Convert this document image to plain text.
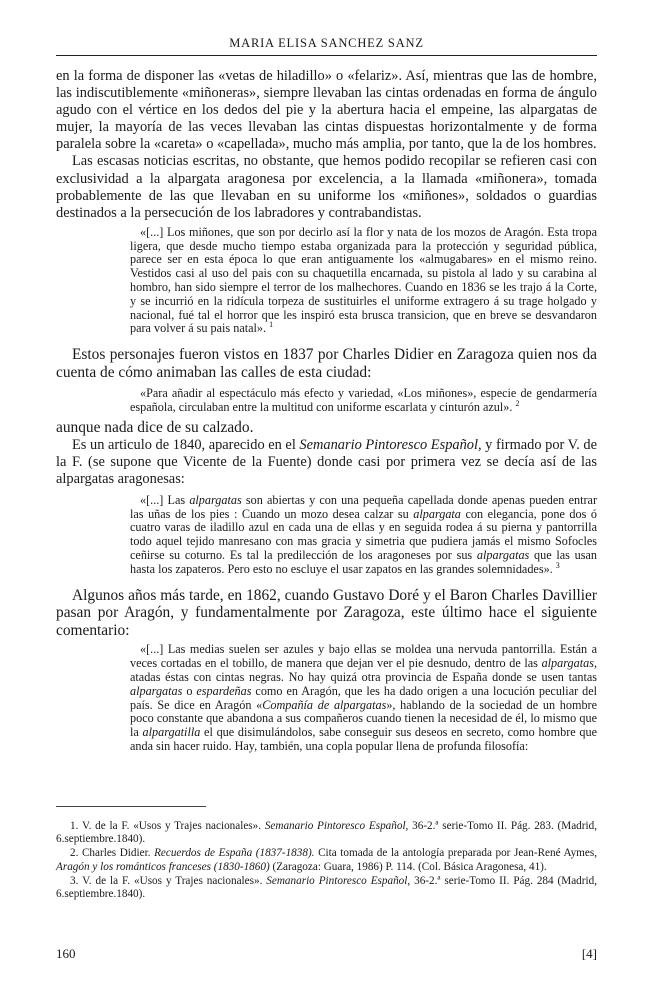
MARIA ELISA SANCHEZ SANZ

en la forma de disponer las «vetas de hiladillo» o «felariz». Así, mientras que las de hombre, las indiscutiblemente «miñoneras», siempre llevaban las cintas ordenadas en forma de ángulo agudo con el vértice en los dedos del pie y la abertura hacia el empeine, las alpargatas de mujer, la mayoría de las veces llevaban las cintas dispuestas horizontalmente y de forma paralela sobre la «careta» o «capellada», mucho más amplia, por tanto, que la de los hombres.

Las escasas noticias escritas, no obstante, que hemos podido recopilar se refieren casi con exclusividad a la alpargata aragonesa por excelencia, a la llamada «miñonera», tomada probablemente de las que llevaban en su uniforme los «miñones», soldados o guardias destinados a la persecución de los labradores y contrabandistas.

«[...] Los miñones, que son por decirlo así la flor y nata de los mozos de Aragón. Esta tropa ligera, que desde mucho tiempo estaba organizada para la protección y seguridad pública, parece ser en esta época lo que eran antiguamente los «almugabares» en el mismo reino. Vestidos casi al uso del pais con su chaquetilla encarnada, su pistola al lado y su carabina al hombro, han sido siempre el terror de los malhechores. Cuando en 1836 se les trajo á la Corte, y se incurrió en la ridícula torpeza de sustituirles el uniforme extragero á su trage holgado y nacional, fué tal el horror que les inspiró esta brusca transicion, que en breve se desvandaron para volver á su pais natal». $^1$

Estos personajes fueron vistos en 1837 por Charles Didier en Zaragoza quien nos da cuenta de cómo animaban las calles de esta ciudad:

«Para añadir al espectáculo más efecto y variedad, «Los miñones», especie de gendarmería española, circulaban entre la multitud con uniforme escarlata y cinturón azul». $^2$

aunque nada dice de su calzado.

Es un articulo de 1840, aparecido en el Semanario Pintoresco Español, y firmado por V. de la F. (se supone que Vicente de la Fuente) donde casi por primera vez se decía así de las alpargatas aragonesas:

«[...] Las alpargatas son abiertas y con una pequeña capellada donde apenas pueden entrar las uñas de los pies : Cuando un mozo desea calzar su alpargata con elegancia, pone dos ó cuatro varas de iladillo azul en cada una de ellas y en seguida rodea á su pierna y pantorrilla todo aquel tejido manresano con mas gracia y simetria que pudiera jamás el mismo Sofocles ceñirse su coturno. Es tal la predilección de los aragoneses por sus alpargatas que las usan hasta los zapateros. Pero esto no escluye el usar zapatos en las grandes solemnidades». $^3$

Algunos años más tarde, en 1862, cuando Gustavo Doré y el Baron Charles Davillier pasan por Aragón, y fundamentalmente por Zaragoza, este último hace el siguiente comentario:

«[...] Las medias suelen ser azules y bajo ellas se moldea una nervuda pantorrilla. Están a veces cortadas en el tobillo, de manera que dejan ver el pie desnudo, dentro de las alpargatas, atadas éstas con cintas negras. No hay quizá otra provincia de España donde se usen tantas alpargatas o espardeñas como en Aragón, que les ha dado origen a una locución peculiar del país. Se dice en Aragón «Compañía de alpargatas», hablando de la sociedad de un hombre poco constante que abandona a sus compañeros cuando tienen la necesidad de él, lo mismo que la alpargatilla el que disimulándolos, sabe conseguir sus deseos en secreto, como hombre que anda sin hacer ruido. Hay, también, una copla popular llena de profunda filosofía:

1. V. de la F. «Usos y Trajes nacionales». Semanario Pintoresco Español, 36-2.ª serie-Tomo II. Pág. 283. (Madrid, 6.septiembre.1840).

2. Charles Didier. Recuerdos de España (1837-1838). Cita tomada de la antología preparada por Jean-René Aymes, Aragón y los románticos franceses (1830-1860) (Zaragoza: Guara, 1986) P. 114. (Col. Básica Aragonesa, 41).

3. V. de la F. «Usos y Trajes nacionales». Semanario Pintoresco Español, 36-2.ª serie-Tomo II. Pág. 284 (Madrid, 6.septiembre.1840).

160	[4]
